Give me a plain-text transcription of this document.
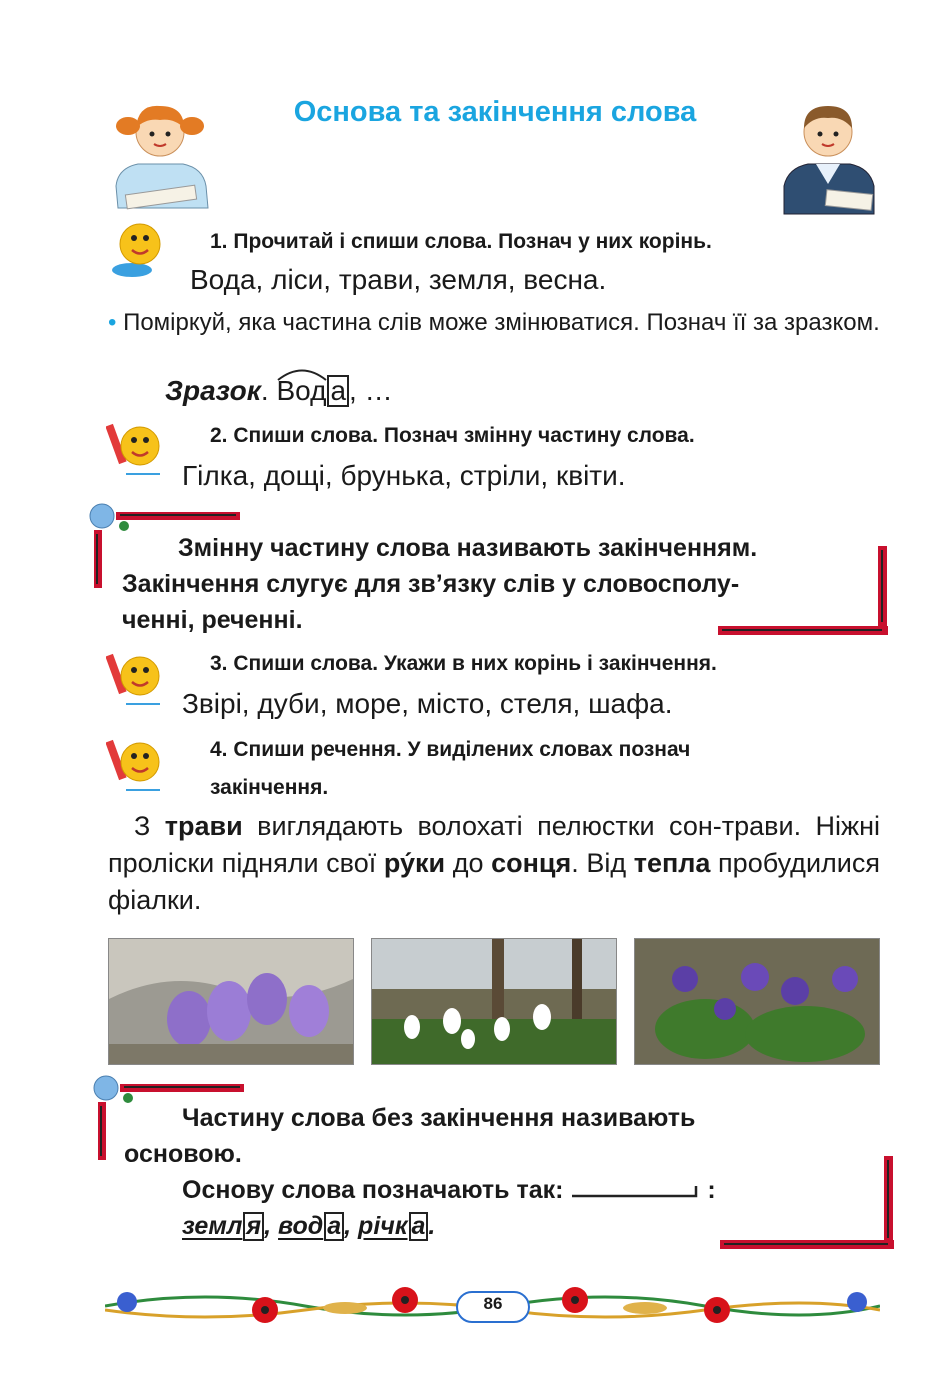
Основа та закінчення слова
1. Прочитай і спиши слова. Познач у них корінь.
Вода, ліси, трави, земля, весна.
• Поміркуй, яка частина слів може змінюватися. Познач її за зразком.
Зразок. Вод а , …
2. Спиши слова. Познач змінну частину слова.
Гілка, дощі, брунька, стріли, квіти.
Змінну частину слова називають закінченням.
Закінчення слугує для зв’язку слів у словосполу-
ченні, реченні.
3. Спиши слова. Укажи в них корінь і закінчення.
Звірі, дуби, море, місто, стеля, шафа.
4. Спиши речення. У виділених словах познач
закінчення.
З трави виглядають волохаті пелюстки сон-трави. Ніжні проліски підняли свої ру́ки до сонця. Від тепла пробудилися фіалки.
Частину слова без закінчення називають
основою.
Основу слова позначають так:	:
земл я , вод а , річк а .
86
